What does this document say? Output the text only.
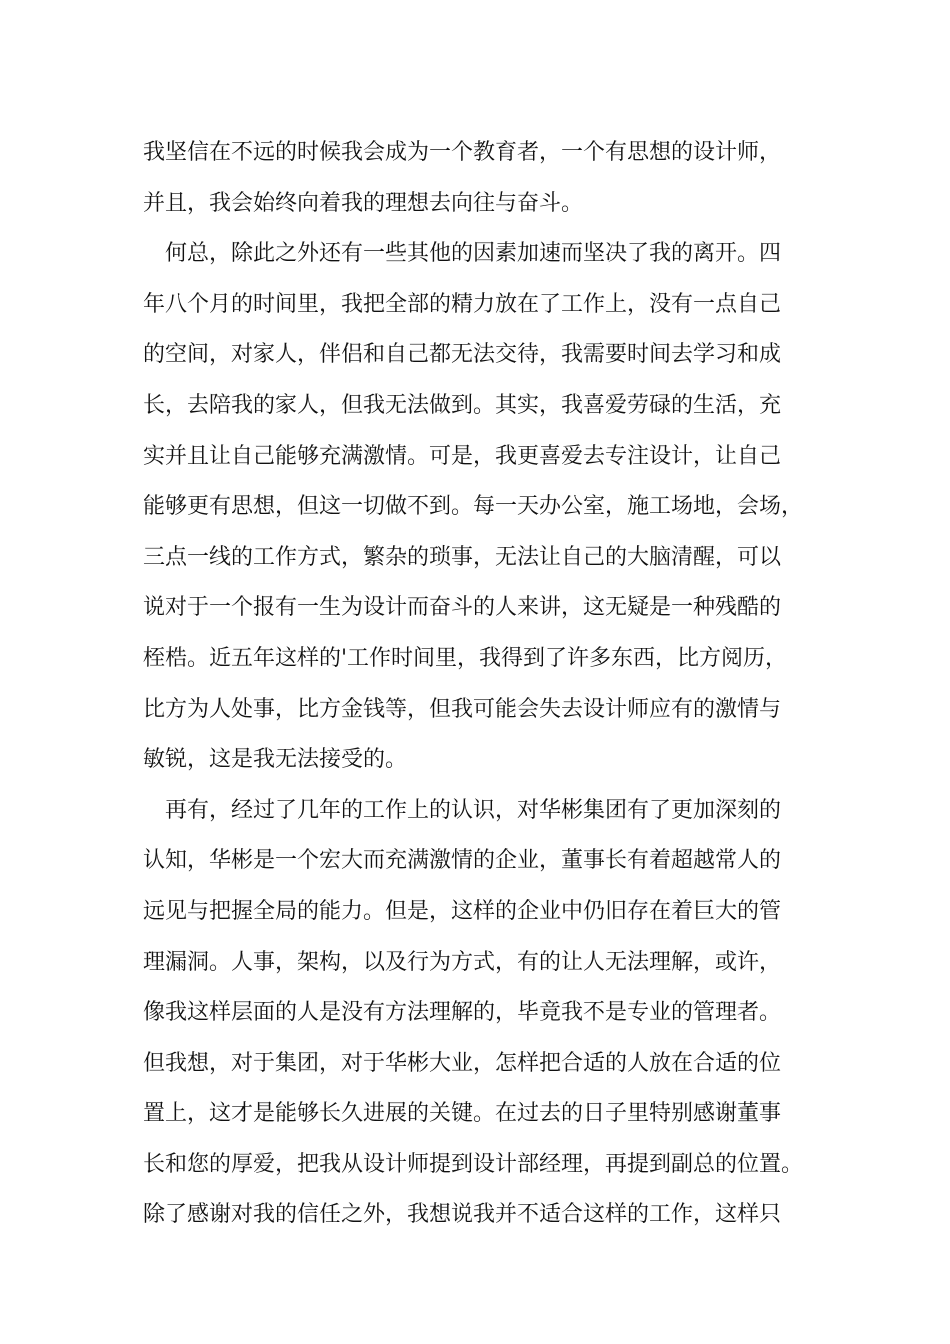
我坚信在不远的时候我会成为一个教育者，一个有思想的设计师，
并且，我会始终向着我的理想去向往与奋斗。
　何总，除此之外还有一些其他的因素加速而坚决了我的离开。四
年八个月的时间里，我把全部的精力放在了工作上，没有一点自己
的空间，对家人，伴侣和自己都无法交待，我需要时间去学习和成
长，去陪我的家人，但我无法做到。其实，我喜爱劳碌的生活，充
实并且让自己能够充满激情。可是，我更喜爱去专注设计，让自己
能够更有思想，但这一切做不到。每一天办公室，施工场地，会场，
三点一线的工作方式，繁杂的琐事，无法让自己的大脑清醒，可以
说对于一个报有一生为设计而奋斗的人来讲，这无疑是一种残酷的
桎梏。近五年这样的'工作时间里，我得到了许多东西，比方阅历，
比方为人处事，比方金钱等，但我可能会失去设计师应有的激情与
敏锐，这是我无法接受的。
　再有，经过了几年的工作上的认识，对华彬集团有了更加深刻的
认知，华彬是一个宏大而充满激情的企业，董事长有着超越常人的
远见与把握全局的能力。但是，这样的企业中仍旧存在着巨大的管
理漏洞。人事，架构，以及行为方式，有的让人无法理解，或许，
像我这样层面的人是没有方法理解的，毕竟我不是专业的管理者。
但我想，对于集团，对于华彬大业，怎样把合适的人放在合适的位
置上，这才是能够长久进展的关键。在过去的日子里特别感谢董事
长和您的厚爱，把我从设计师提到设计部经理，再提到副总的位置。
除了感谢对我的信任之外，我想说我并不适合这样的工作，这样只
